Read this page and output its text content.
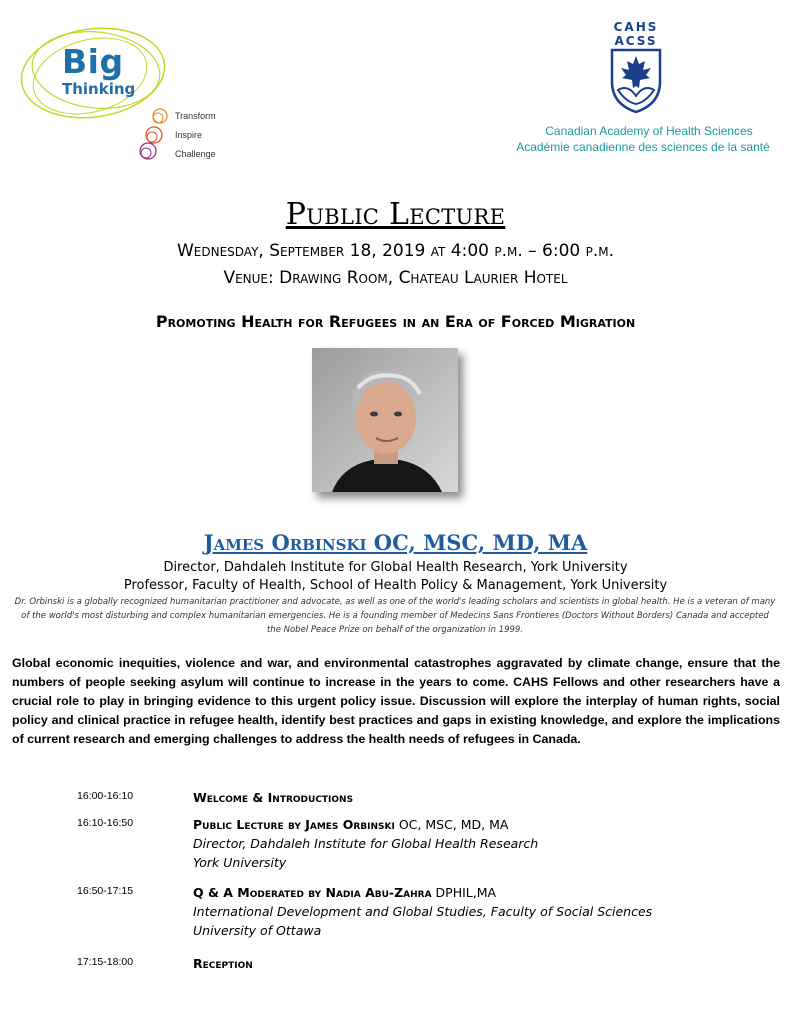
Big
Thinking
Transform
Inspire
Challenge
CAHS
ACSS
Canadian Academy of Health Sciences
Académie canadienne des sciences de la santé
Public Lecture
Wednesday, September 18, 2019 at 4:00 p.m. – 6:00 p.m.
Venue: Drawing Room, Chateau Laurier Hotel
Promoting Health for Refugees in an Era of Forced Migration
James Orbinski OC, MSC, MD, MA
Director, Dahdaleh Institute for Global Health Research, York University
Professor, Faculty of Health, School of Health Policy & Management, York University
Dr. Orbinski is a globally recognized humanitarian practitioner and advocate, as well as one of the world's leading scholars and scientists in global health. He is a veteran of many of the world's most disturbing and complex humanitarian emergencies. He is a founding member of Medecins Sans Frontieres (Doctors Without Borders) Canada and accepted the Nobel Peace Prize on behalf of the organization in 1999.
Global economic inequities, violence and war, and environmental catastrophes aggravated by climate change, ensure that the numbers of people seeking asylum will continue to increase in the years to come. CAHS Fellows and other researchers have a crucial role to play in bringing evidence to this urgent policy issue. Discussion will explore the interplay of human rights, social policy and clinical practice in refugee health, identify best practices and gaps in existing knowledge, and explore the implications of current research and emerging challenges to address the health needs of refugees in Canada.
16:00-16:10	Welcome & Introductions
16:10-16:50	Public Lecture by James Orbinski OC, MSC, MD, MA
Director, Dahdaleh Institute for Global Health Research
York University
16:50-17:15	Q & A Moderated by Nadia Abu-Zahra DPHIL,MA
International Development and Global Studies, Faculty of Social Sciences
University of Ottawa
17:15-18:00	Reception
